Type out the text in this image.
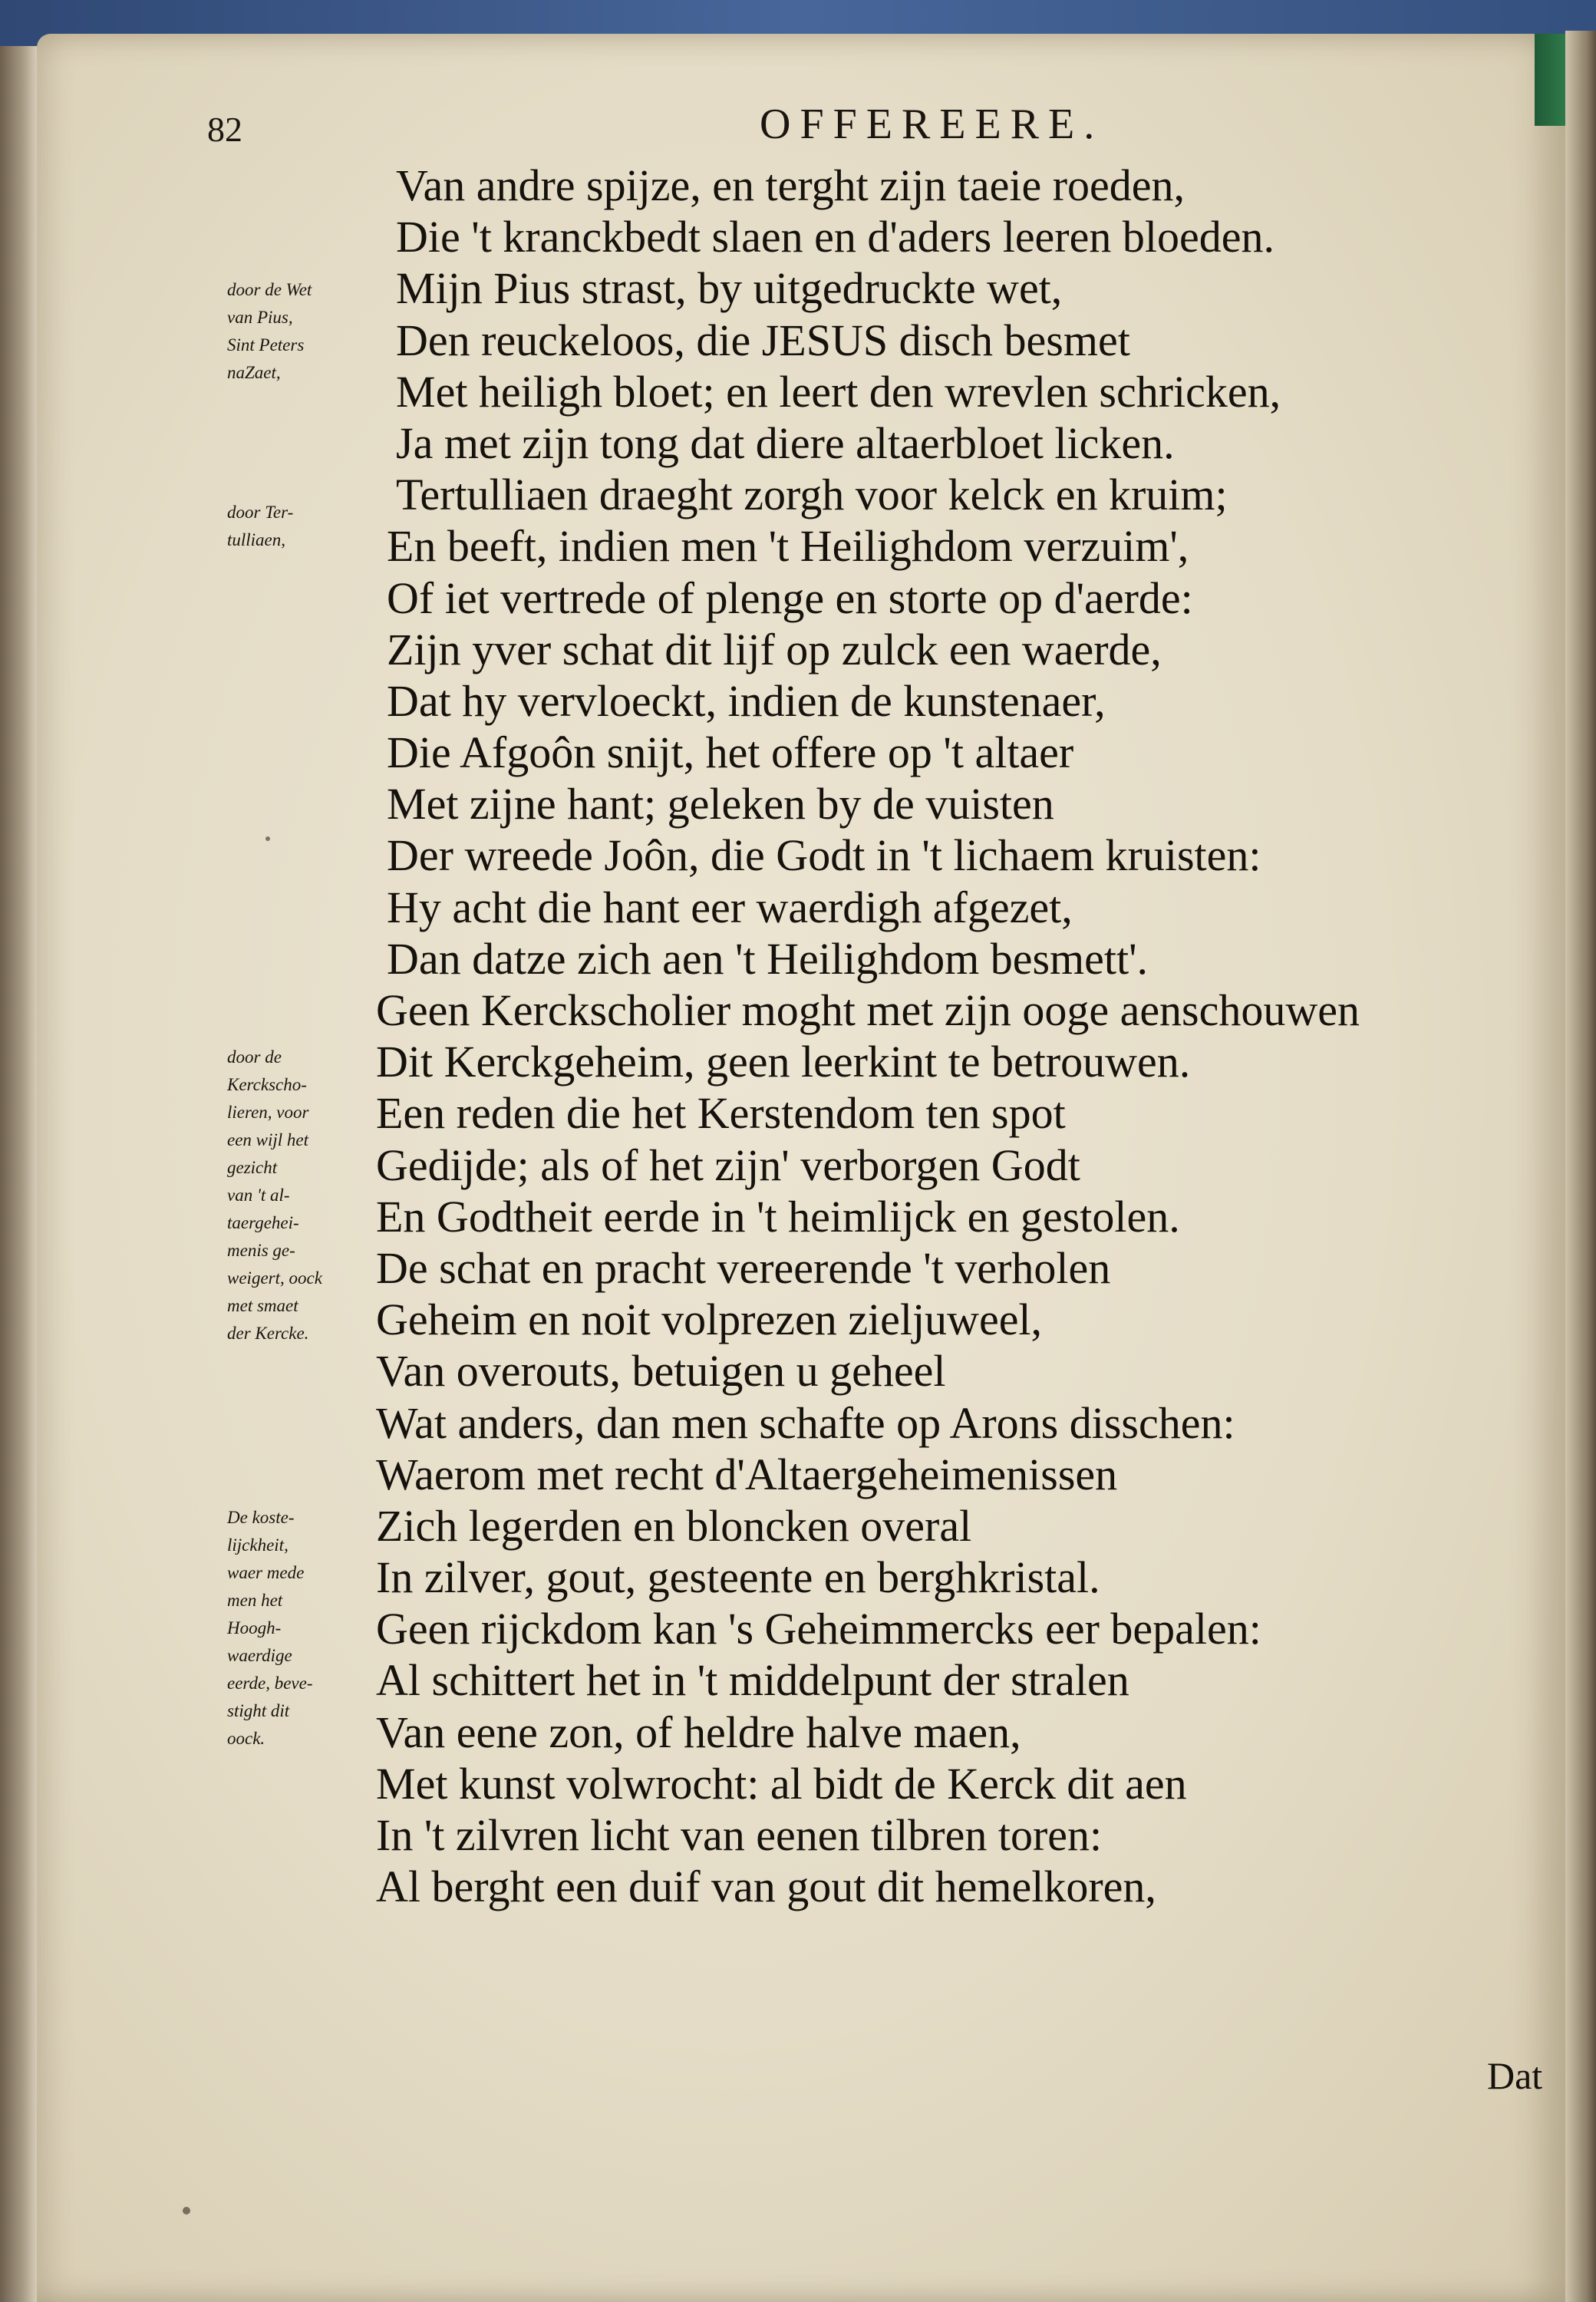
82	OFFEREERE.
Van andre spijze, en terght zijn taeie roeden,
Die 't kranckbedt slaen en d'aders leeren bloeden.
Mijn Pius strast, by uitgedruckte wet,
Den reuckeloos, die JESUS disch besmet
Met heiligh bloet; en leert den wrevlen schricken,
Ja met zijn tong dat diere altaerbloet licken.
Tertulliaen draeght zorgh voor kelck en kruim;
En beeft, indien men 't Heilighdom verzuim',
Of iet vertrede of plenge en storte op d'aerde:
Zijn yver schat dit lijf op zulck een waerde,
Dat hy vervloeckt, indien de kunstenaer,
Die Afgoôn snijt, het offere op 't altaer
Met zijne hant; geleken by de vuisten
Der wreede Joôn, die Godt in 't lichaem kruisten:
Hy acht die hant eer waerdigh afgezet,
Dan datze zich aen 't Heilighdom besmett'.
Geen Kerckscholier moght met zijn ooge aenschouwen
Dit Kerckgeheim, geen leerkint te betrouwen.
Een reden die het Kerstendom ten spot
Gedijde; als of het zijn' verborgen Godt
En Godtheit eerde in 't heimlijck en gestolen.
De schat en pracht vereerende 't verholen
Geheim en noit volprezen zieljuweel,
Van overouts, betuigen u geheel
Wat anders, dan men schafte op Arons disschen:
Waerom met recht d'Altaergeheimenissen
Zich legerden en bloncken overal
In zilver, gout, gesteente en berghkristal.
Geen rijckdom kan 's Geheimmercks eer bepalen:
Al schittert het in 't middelpunt der stralen
Van eene zon, of heldre halve maen,
Met kunst volwrocht: al bidt de Kerck dit aen
In 't zilvren licht van eenen tilbren toren:
Al berght een duif van gout dit hemelkoren,
door de Wet
van Pius,
Sint Peters
naZaet,
door Ter-
tulliaen,
door de
Kerckscho-
lieren, voor
een wijl het
gezicht
van 't al-
taergehei-
menis ge-
weigert, oock
met smaet
der Kercke.
De koste-
lijckheit,
waer mede
men het
Hoogh-
waerdige
eerde, beve-
stight dit
oock.
Dat
